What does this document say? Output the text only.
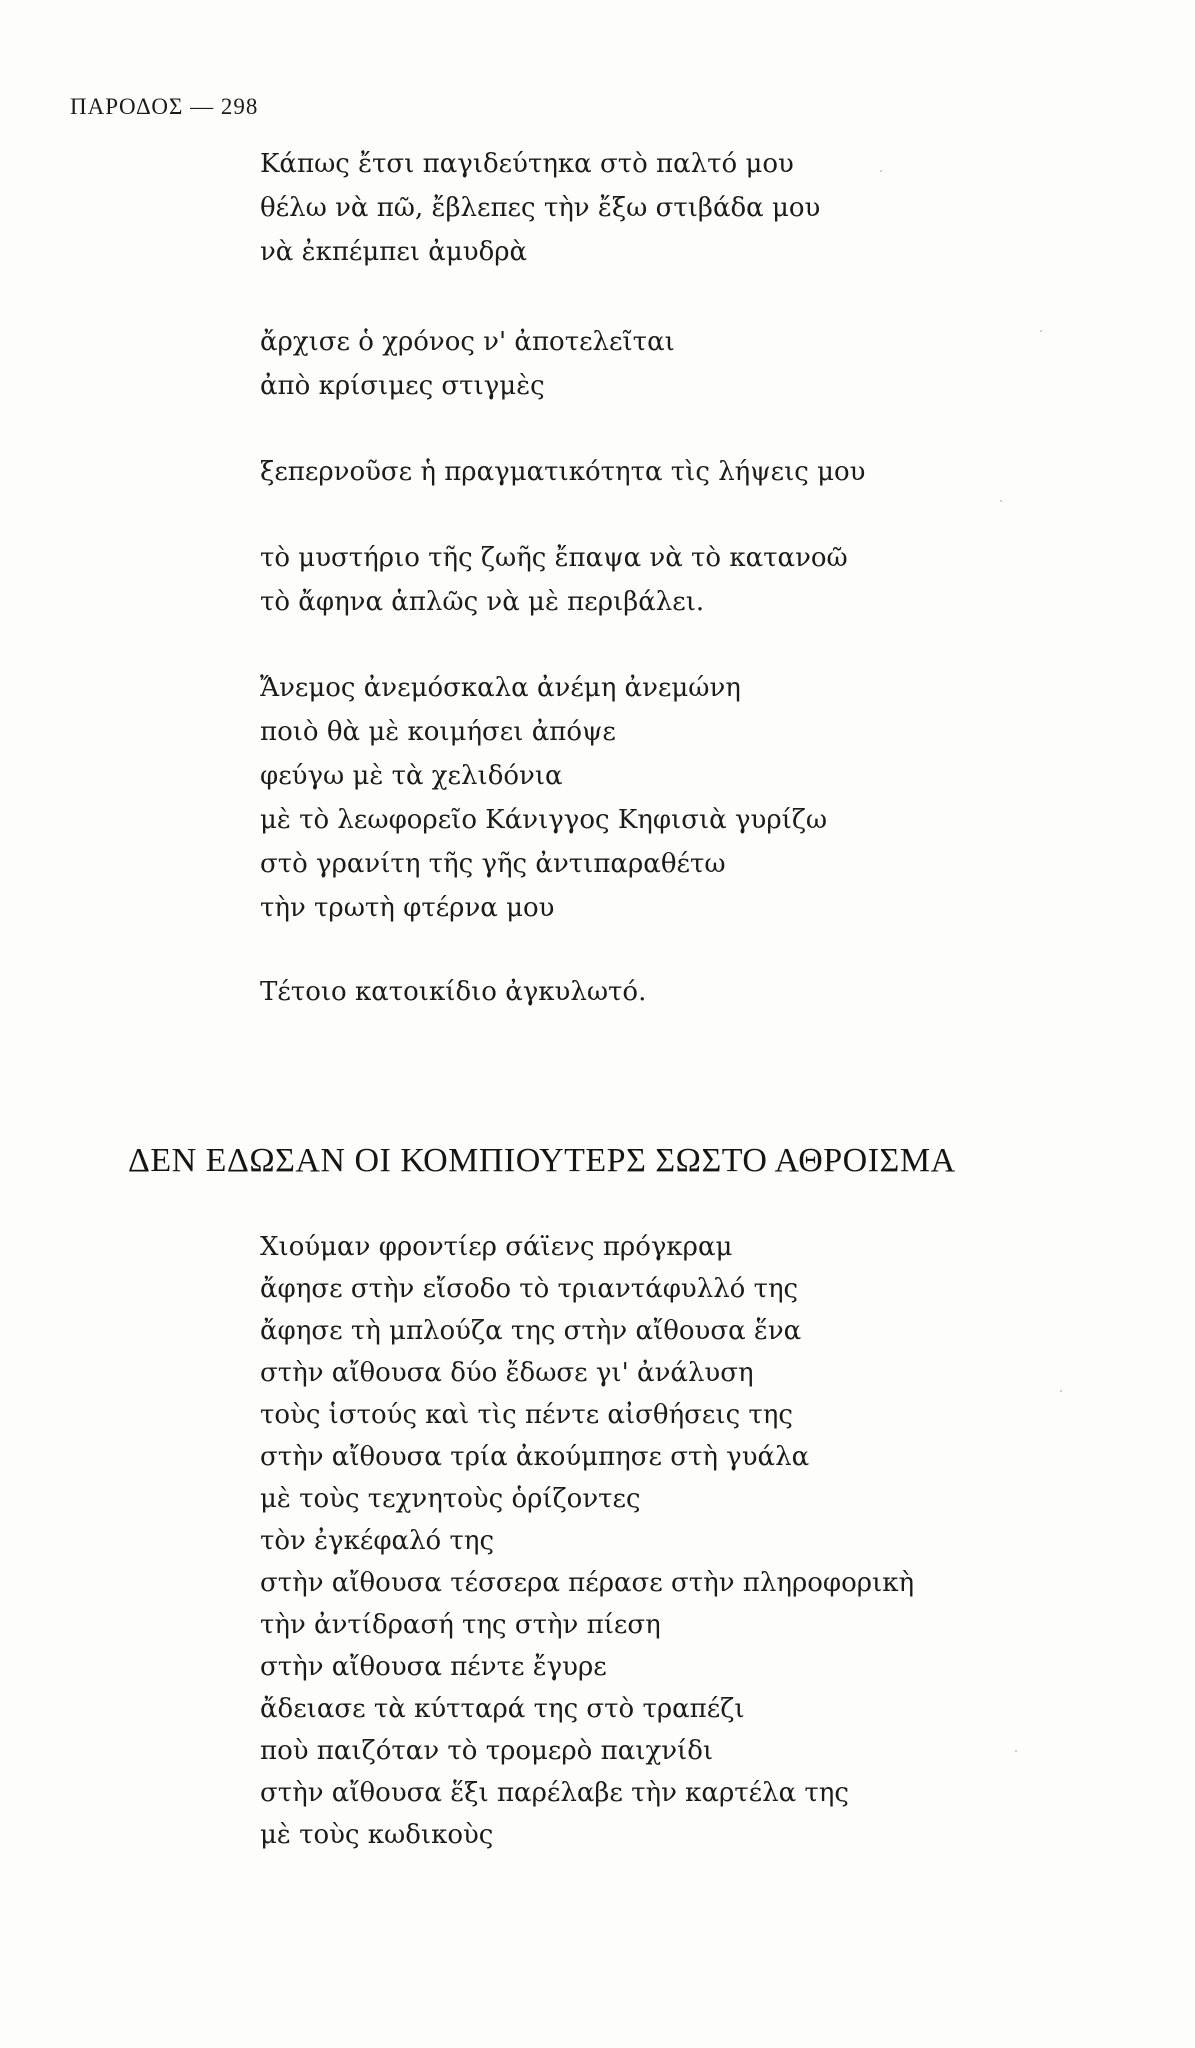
ΠΑΡΟΔΟΣ — 298
Κάπως ἔτσι παγιδεύτηκα στὸ παλτό μου
θέλω νὰ πῶ, ἔβλεπες τὴν ἔξω στιβάδα μου
νὰ ἐκπέμπει ἀμυδρὰ
ἄρχισε ὁ χρόνος ν' ἀποτελεῖται
ἀπὸ κρίσιμες στιγμὲς
ξεπερνοῦσε ἡ πραγματικότητα τὶς λήψεις μου
τὸ μυστήριο τῆς ζωῆς ἔπαψα νὰ τὸ κατανοῶ
τὸ ἄφηνα ἁπλῶς νὰ μὲ περιβάλει.
Ἄνεμος ἀνεμόσκαλα ἀνέμη ἀνεμώνη
ποιὸ θὰ μὲ κοιμήσει ἀπόψε
φεύγω μὲ τὰ χελιδόνια
μὲ τὸ λεωφορεῖο Κάνιγγος Κηφισιὰ γυρίζω
στὸ γρανίτη τῆς γῆς ἀντιπαραθέτω
τὴν τρωτὴ φτέρνα μου
Τέτοιο κατοικίδιο ἀγκυλωτό.
ΔΕΝ ΕΔΩΣΑΝ ΟΙ ΚΟΜΠΙΟΥΤΕΡΣ ΣΩΣΤΟ ΑΘΡΟΙΣΜΑ
Χιούμαν φροντίερ σάϊενς πρόγκραμ
ἄφησε στὴν εἴσοδο τὸ τριαντάφυλλό της
ἄφησε τὴ μπλούζα της στὴν αἴθουσα ἕνα
στὴν αἴθουσα δύο ἔδωσε γι' ἀνάλυση
τοὺς ἱστούς καὶ τὶς πέντε αἰσθήσεις της
στὴν αἴθουσα τρία ἀκούμπησε στὴ γυάλα
μὲ τοὺς τεχνητοὺς ὁρίζοντες
τὸν ἐγκέφαλό της
στὴν αἴθουσα τέσσερα πέρασε στὴν πληροφορικὴ
τὴν ἀντίδρασή της στὴν πίεση
στὴν αἴθουσα πέντε ἔγυρε
ἄδειασε τὰ κύτταρά της στὸ τραπέζι
ποὺ παιζόταν τὸ τρομερὸ παιχνίδι
στὴν αἴθουσα ἕξι παρέλαβε τὴν καρτέλα της
μὲ τοὺς κωδικοὺς
